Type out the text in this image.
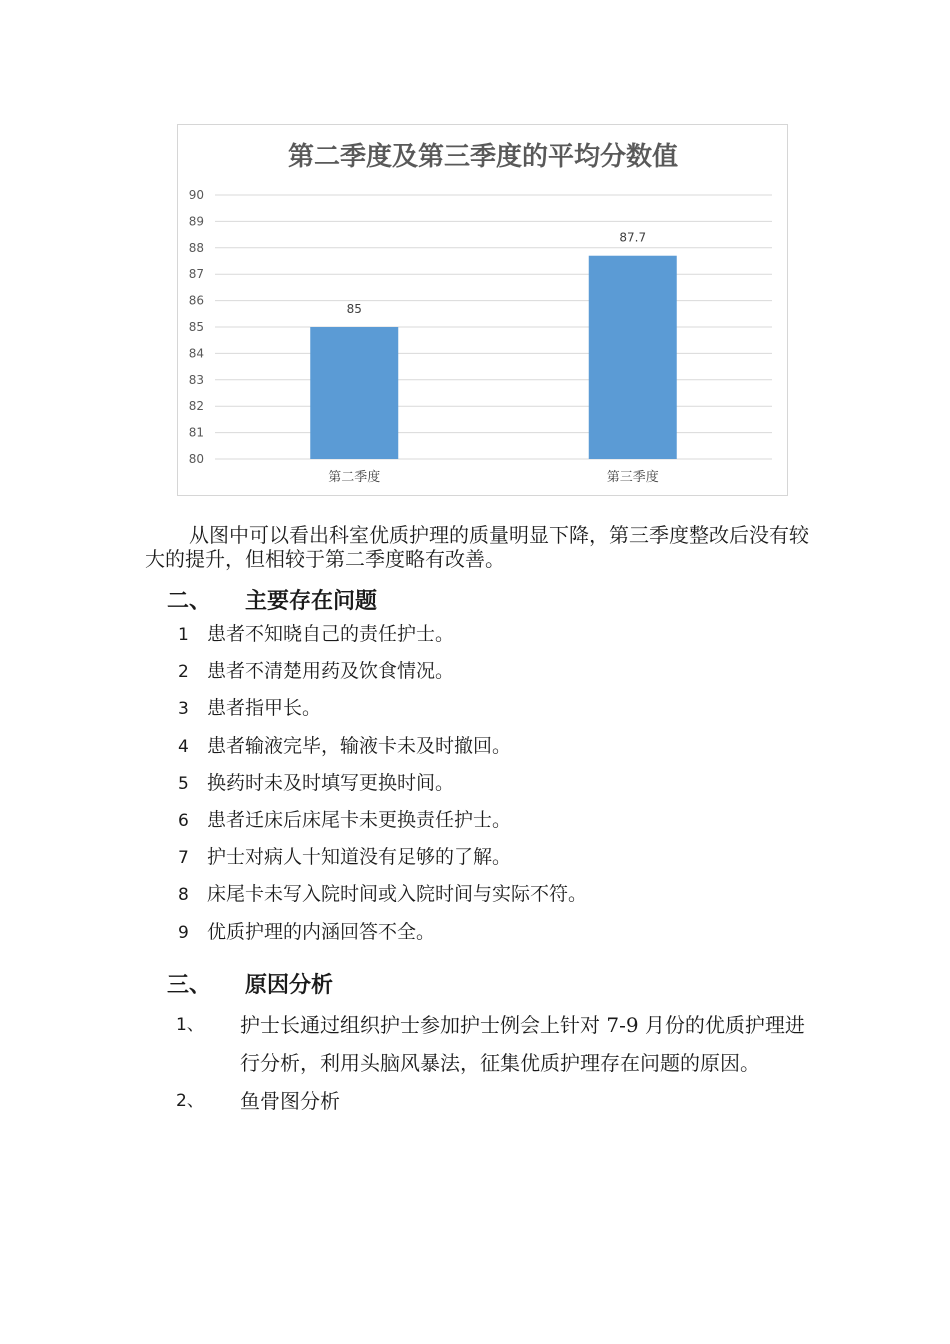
第二季度及第三季度的平均分数值
80
81
82
83
84
85
86
87
88
89
90
85
第二季度
87.7
第三季度

从图中可以看出科室优质护理的质量明显下降，第三季度整改后没有较大的提升，但相较于第二季度略有改善。

二、 主要存在问题
1 患者不知晓自己的责任护士。
2 患者不清楚用药及饮食情况。
3 患者指甲长。
4 患者输液完毕，输液卡未及时撤回。
5 换药时未及时填写更换时间。
6 患者迁床后床尾卡未更换责任护士。
7 护士对病人十知道没有足够的了解。
8 床尾卡未写入院时间或入院时间与实际不符。
9 优质护理的内涵回答不全。
三、 原因分析
1、 护士长通过组织护士参加护士例会上针对 7-9 月份的优质护理进行分析，利用头脑风暴法，征集优质护理存在问题的原因。
2、 鱼骨图分析
